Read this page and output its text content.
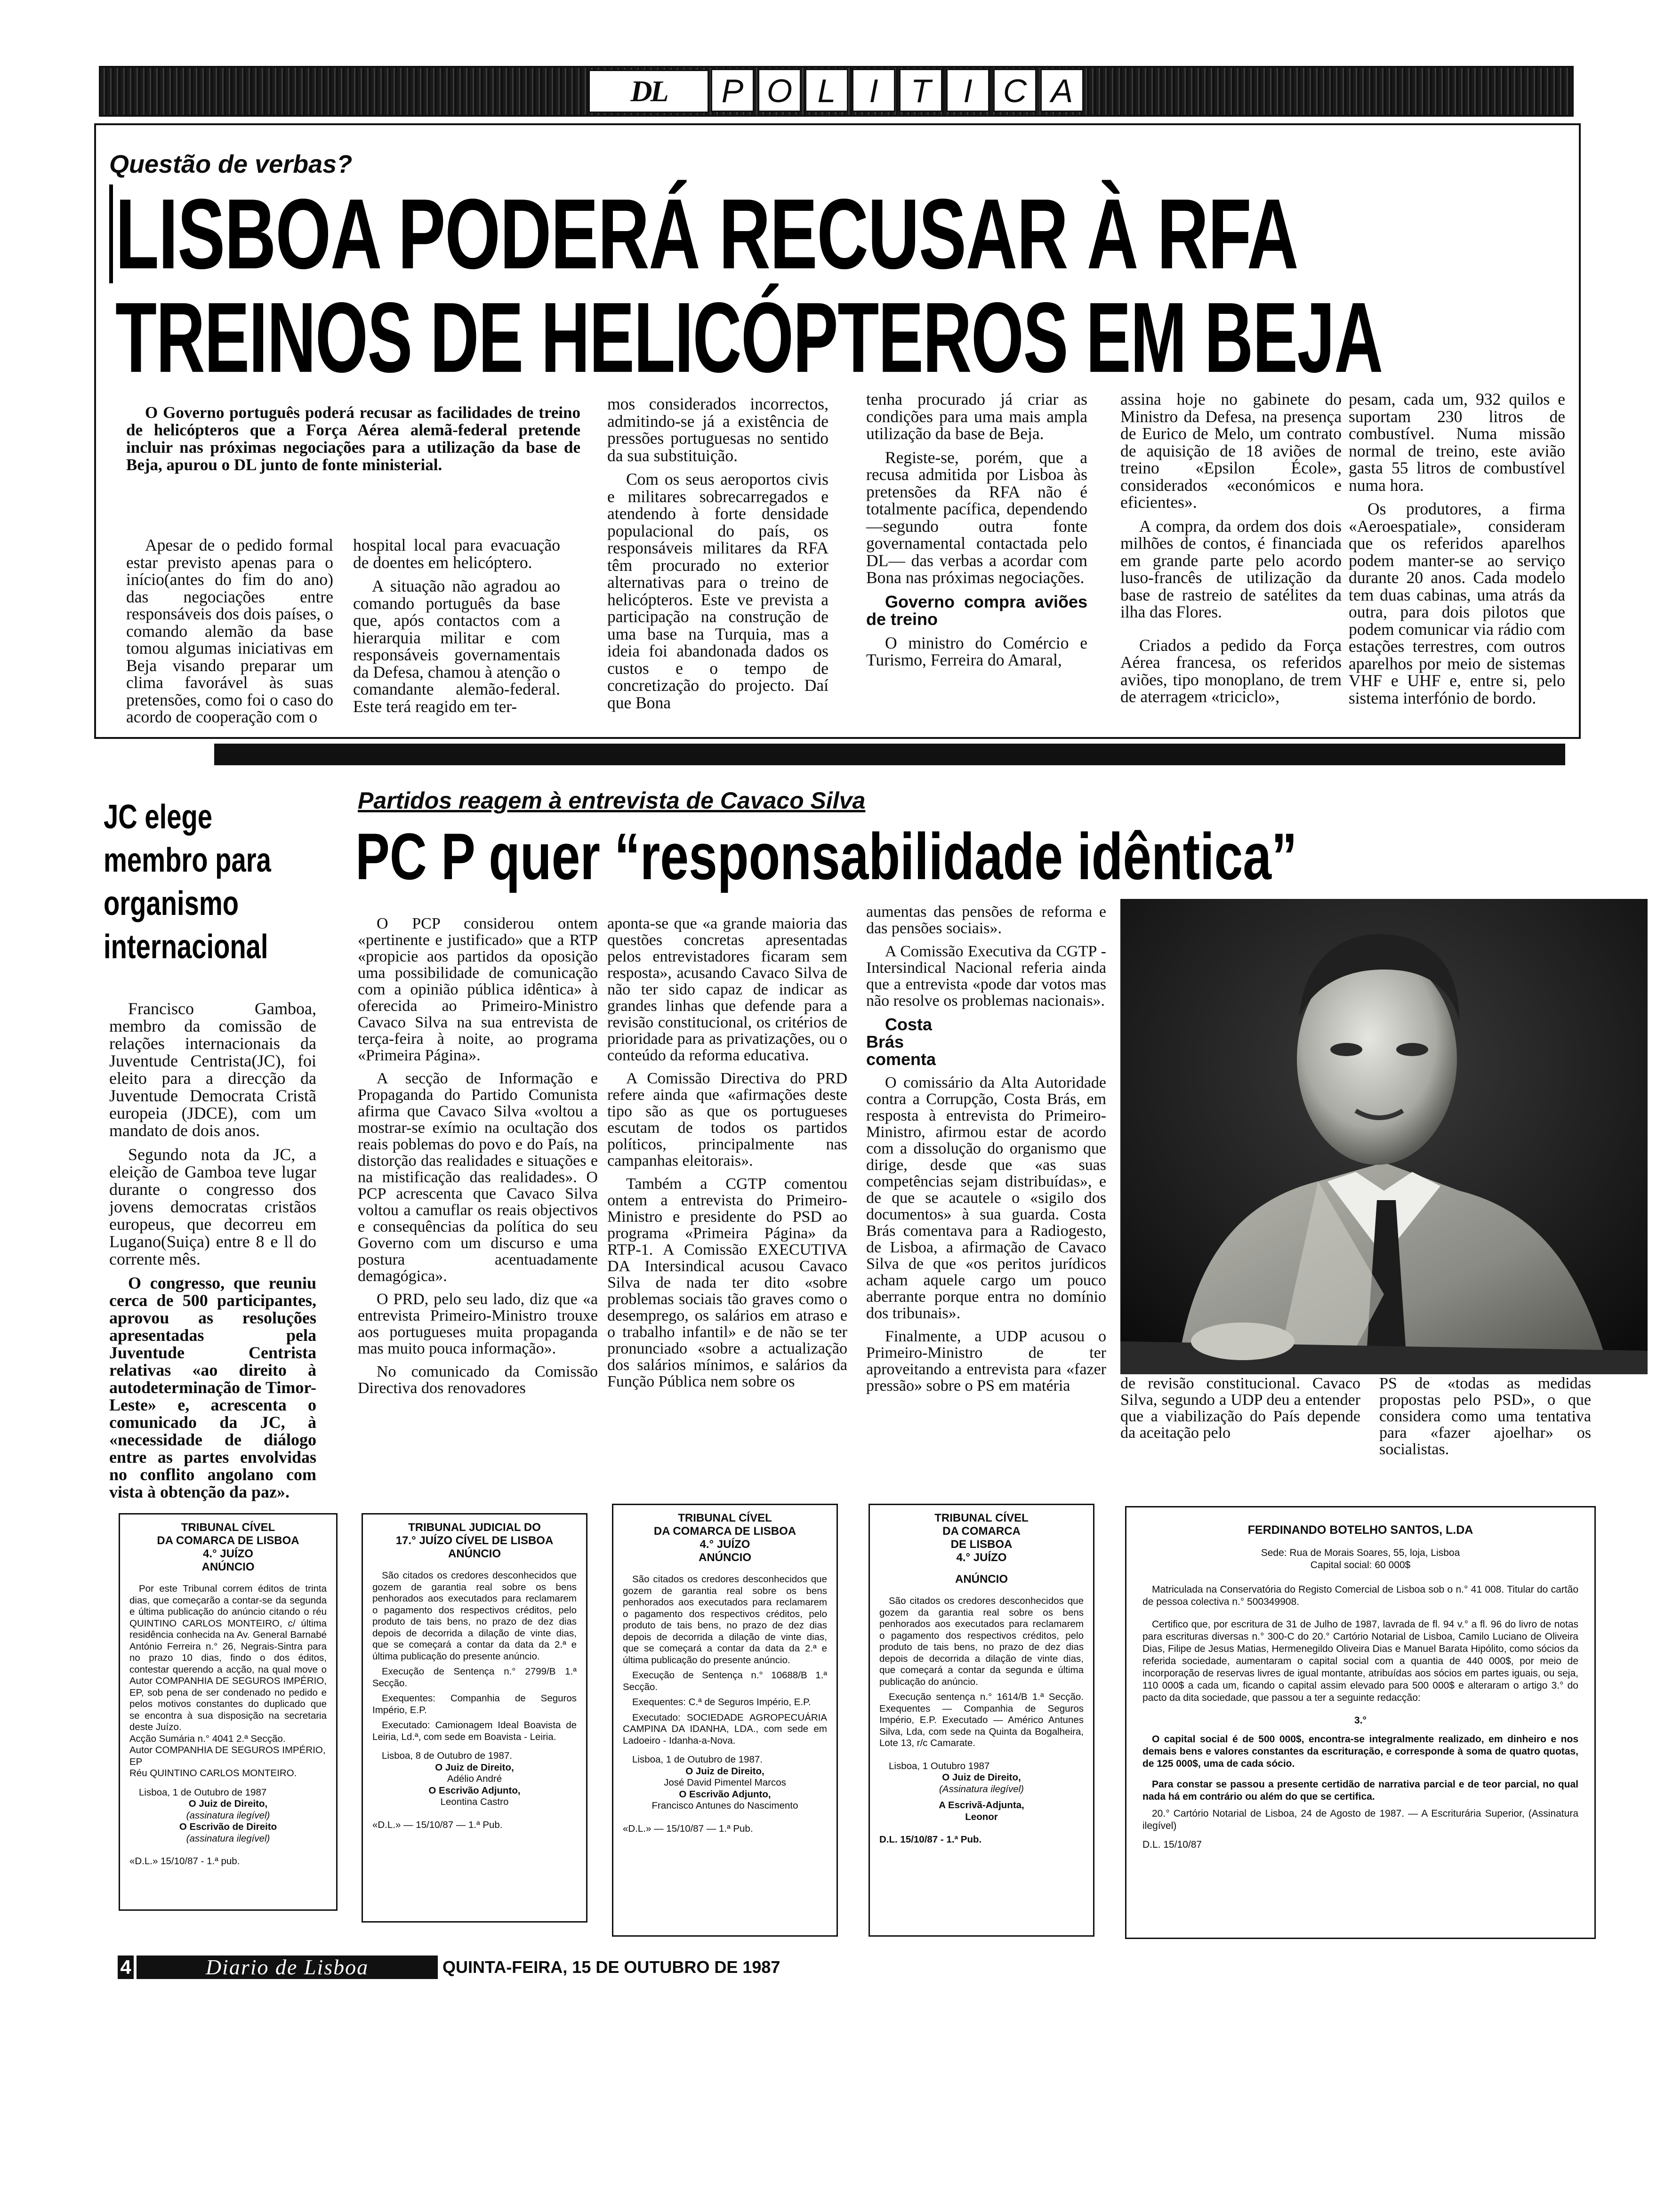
DL	P O L	I T I C A
Questão de verbas?
LISBOA PODERÁ RECUSAR À RFA
TREINOS DE HELICÓPTEROS EM BEJA

O Governo português poderá recusar as facilidades de treino de helicópteros que a Força Aérea alemã-federal pretende incluir nas próximas negociações para a utilização da base de Beja, apurou o DL junto de fonte ministerial.

Apesar de o pedido formal estar previsto apenas para o início(antes do fim do ano) das negociações entre responsáveis dos dois países, o comando alemão da base tomou algumas iniciativas em Beja visando preparar um clima favorável às suas pretensões, como foi o caso do acordo de cooperação com o

hospital local para evacuação de doentes em helicóptero.

A situação não agradou ao comando português da base que, após contactos com a hierarquia militar e com responsáveis governamentais da Defesa, chamou à atenção o comandante alemão-federal. Este terá reagido em ter-

mos considerados incorrectos, admitindo-se já a existência de pressões portuguesas no sentido da sua substituição.

Com os seus aeroportos civis e militares sobrecarregados e atendendo à forte densidade populacional do país, os responsáveis militares da RFA têm procurado no exterior alternativas para o treino de helicópteros. Este ve prevista a participação na construção de uma base na Turquia, mas a ideia foi abandonada dados os custos e o tempo de concretização do projecto. Daí que Bona

tenha procurado já criar as condições para uma mais ampla utilização da base de Beja.

Registe-se, porém, que a recusa admitida por Lisboa às pretensões da RFA não é totalmente pacífica, dependendo—segundo outra fonte governamental contactada pelo DL— das verbas a acordar com Bona nas próximas negociações.

Governo compra aviões de treino

O ministro do Comércio e Turismo, Ferreira do Amaral,

assina hoje no gabinete do Ministro da Defesa, na presença de Eurico de Melo, um contrato de aquisição de 18 aviões de treino «Epsilon École», considerados «económicos e eficientes».

A compra, da ordem dos dois milhões de contos, é financiada em grande parte pelo acordo luso-francês de utilização da base de rastreio de satélites da ilha das Flores.

Criados a pedido da Força Aérea francesa, os referidos aviões, tipo monoplano, de trem de aterragem «triciclo»,

pesam, cada um, 932 quilos e suportam 230 litros de combustível. Numa missão normal de treino, este avião gasta 55 litros de combustível numa hora.

Os produtores, a firma «Aeroespatiale», consideram que os referidos aparelhos podem manter-se ao serviço durante 20 anos. Cada modelo tem duas cabinas, uma atrás da outra, para dois pilotos que podem comunicar via rádio com estações terrestres, com outros aparelhos por meio de sistemas VHF e UHF e, entre si, pelo sistema interfónio de bordo.

JC elege
membro para
organismo
internacional

Francisco Gamboa, membro da comissão de relações internacionais da Juventude Centrista(JC), foi eleito para a direcção da Juventude Democrata Cristã europeia (JDCE), com um mandato de dois anos.

Segundo nota da JC, a eleição de Gamboa teve lugar durante o congresso dos jovens democratas cristãos europeus, que decorreu em Lugano(Suiça) entre 8 e ll do corrente mês.

O congresso, que reuniu cerca de 500 participantes, aprovou as resoluções apresentadas pela Juventude Centrista relativas «ao direito à autodeterminação de Timor-Leste» e, acrescenta o comunicado da JC, à «necessidade de diálogo entre as partes envolvidas no conflito angolano com vista à obtenção da paz».

Partidos reagem à entrevista de Cavaco Silva
PC P quer “responsabilidade idêntica”

O PCP considerou ontem «pertinente e justificado» que a RTP «propicie aos partidos da oposição uma possibilidade de comunicação com a opinião pública idêntica» à oferecida ao Primeiro-Ministro Cavaco Silva na sua entrevista de terça-feira à noite, ao programa «Primeira Página».

A secção de Informação e Propaganda do Partido Comunista afirma que Cavaco Silva «voltou a mostrar-se exímio na ocultação dos reais poblemas do povo e do País, na distorção das realidades e situações e na mistificação das realidades». O PCP acrescenta que Cavaco Silva voltou a camuflar os reais objectivos e consequências da política do seu Governo com um discurso e uma postura acentuadamente demagógica».

O PRD, pelo seu lado, diz que «a entrevista Primeiro-Ministro trouxe aos portugueses muita propaganda mas muito pouca informação».

No comunicado da Comissão Directiva dos renovadores

aponta-se que «a grande maioria das questões concretas apresentadas pelos entrevistadores ficaram sem resposta», acusando Cavaco Silva de não ter sido capaz de indicar as grandes linhas que defende para a revisão constitucional, os critérios de prioridade para as privatizações, ou o conteúdo da reforma educativa.

A Comissão Directiva do PRD refere ainda que «afirmações deste tipo são as que os portugueses escutam de todos os partidos políticos, principalmente nas campanhas eleitorais».

Também a CGTP comentou ontem a entrevista do Primeiro-Ministro e presidente do PSD ao programa «Primeira Página» da RTP-1. A Comissão EXECUTIVA DA Intersindical acusou Cavaco Silva de nada ter dito «sobre problemas sociais tão graves como o desemprego, os salários em atraso e o trabalho infantil» e de não se ter pronunciado «sobre a actualização dos salários mínimos, e salários da Função Pública nem sobre os

aumentas das pensões de reforma e das pensões sociais».

A Comissão Executiva da CGTP - Intersindical Nacional referia ainda que a entrevista «pode dar votos mas não resolve os problemas nacionais».

Costa Brás comenta

O comissário da Alta Autoridade contra a Corrupção, Costa Brás, em resposta à entrevista do Primeiro-Ministro, afirmou estar de acordo com a dissolução do organismo que dirige, desde que «as suas competências sejam distribuídas», e de que se acautele o «sigilo dos documentos» à sua guarda. Costa Brás comentava para a Radiogesto, de Lisboa, a afirmação de Cavaco Silva de que «os peritos jurídicos acham aquele cargo um pouco aberrante porque entra no domínio dos tribunais».

Finalmente, a UDP acusou o Primeiro-Ministro de ter aproveitando a entrevista para «fazer pressão» sobre o PS em matéria	de revisão constitucional. Cavaco Silva, segundo a UDP deu a entender que a viabilização do País depende da aceitação pelo

PS de «todas as medidas propostas pelo PSD», o que considera como uma tentativa para «fazer ajoelhar» os socialistas.

TRIBUNAL CÍVEL
DA COMARCA DE LISBOA
4.° JUÍZO
ANÚNCIO

Por este Tribunal correm éditos de trinta dias, que começarão a contar-se da segunda e última publicação do anúncio citando o réu QUINTINO CARLOS MONTEIRO, c/ última residência conhecida na Av. General Barnabé António Ferreira n.° 26, Negrais-Sintra para no prazo 10 dias, findo o dos éditos, contestar querendo a acção, na qual move o Autor COMPANHIA DE SEGUROS IMPÉRIO, EP, sob pena de ser condenado no pedido e pelos motivos constantes do duplicado que se encontra à sua disposição na secretaria deste Juízo.

Acção Sumária n.° 4041 2.ª Secção.
Autor COMPANHIA DE SEGUROS IMPÉRIO, EP
Réu QUINTINO CARLOS MONTEIRO.

Lisboa, 1 de Outubro de 1987

O Juiz de Direito,
(assinatura ilegível)
O Escrivão de Direito
(assinatura ilegível)
«D.L.» 15/10/87 - 1.ª pub.
TRIBUNAL JUDICIAL DO
17.° JUÍZO CÍVEL DE LISBOA
ANÚNCIO

São citados os credores desconhecidos que gozem de garantia real sobre os bens penhorados aos executados para reclamarem o pagamento dos respectivos créditos, pelo produto de tais bens, no prazo de dez dias depois de decorrida a dilação de vinte dias, que se começará a contar da data da 2.ª e última publicação do presente anúncio.

Execução de Sentença n.° 2799/B 1.ª Secção.

Exequentes: Companhia de Seguros Império, E.P.

Executado: Camionagem Ideal Boavista de Leiria, Ld.ª, com sede em Boavista - Leiria.

Lisboa, 8 de Outubro de 1987.

O Juiz de Direito,
Adélio André
O Escrivão Adjunto,
Leontina Castro
«D.L.» — 15/10/87 — 1.ª Pub.
TRIBUNAL CÍVEL
DA COMARCA DE LISBOA
4.° JUÍZO
ANÚNCIO

São citados os credores desconhecidos que gozem de garantia real sobre os bens penhorados aos executados para reclamarem o pagamento dos respectivos créditos, pelo produto de tais bens, no prazo de dez dias depois de decorrida a dilação de vinte dias, que se começará a contar da data da 2.ª e última publicação do presente anúncio.

Execução de Sentença n.° 10688/B 1.ª Secção.

Exequentes: C.ª de Seguros Império, E.P.

Executado: SOCIEDADE AGROPECUÁRIA CAMPINA DA IDANHA, LDA., com sede em Ladoeiro - Idanha-a-Nova.

Lisboa, 1 de Outubro de 1987.

O Juiz de Direito,
José David Pimentel Marcos
O Escrivão Adjunto,
Francisco Antunes do Nascimento
«D.L.» — 15/10/87 — 1.ª Pub.
TRIBUNAL CÍVEL
DA COMARCA
DE LISBOA
4.° JUÍZO
ANÚNCIO

São citados os credores desconhecidos que gozem da garantia real sobre os bens penhorados aos executados para reclamarem o pagamento dos respectivos créditos, pelo produto de tais bens, no prazo de dez dias depois de decorrida a dilação de vinte dias, que começará a contar da segunda e última publicação do anúncio.

Execução sentença n.° 1614/B 1.ª Secção. Exequentes — Companhia de Seguros Império, E.P. Executado — Américo Antunes Silva, Lda, com sede na Quinta da Bogalheira, Lote 13, r/c Camarate.

Lisboa, 1 Outubro 1987

O Juiz de Direito,
(Assinatura ilegível)
A Escrivã-Adjunta,
Leonor
D.L. 15/10/87 - 1.ª Pub.
FERDINANDO BOTELHO SANTOS, L.DA
Sede: Rua de Morais Soares, 55, loja, Lisboa
Capital social: 60 000$

Matriculada na Conservatória do Registo Comercial de Lisboa sob o n.° 41 008. Titular do cartão de pessoa colectiva n.° 500349908.

Certifico que, por escritura de 31 de Julho de 1987, lavrada de fl. 94 v.° a fl. 96 do livro de notas para escrituras diversas n.° 300-C do 20.° Cartório Notarial de Lisboa, Camilo Luciano de Oliveira Dias, Filipe de Jesus Matias, Hermenegildo Oliveira Dias e Manuel Barata Hipólito, como sócios da referida sociedade, aumentaram o capital social com a quantia de 440 000$, por meio de incorporação de reservas livres de igual montante, atribuídas aos sócios em partes iguais, ou seja, 110 000$ a cada um, ficando o capital assim elevado para 500 000$ e alteraram o artigo 3.° do pacto da dita sociedade, que passou a ter a seguinte redacção:

3.°

O capital social é de 500 000$, encontra-se integralmente realizado, em dinheiro e nos demais bens e valores constantes da escrituração, e corresponde à soma de quatro quotas, de 125 000$, uma de cada sócio.

Para constar se passou a presente certidão de narrativa parcial e de teor parcial, no qual nada há em contrário ou além do que se certifica.

20.° Cartório Notarial de Lisboa, 24 de Agosto de 1987. — A Escriturária Superior, (Assinatura ilegível)

D.L. 15/10/87

4	Diario de Lisboa	QUINTA-FEIRA, 15 DE OUTUBRO DE 1987
